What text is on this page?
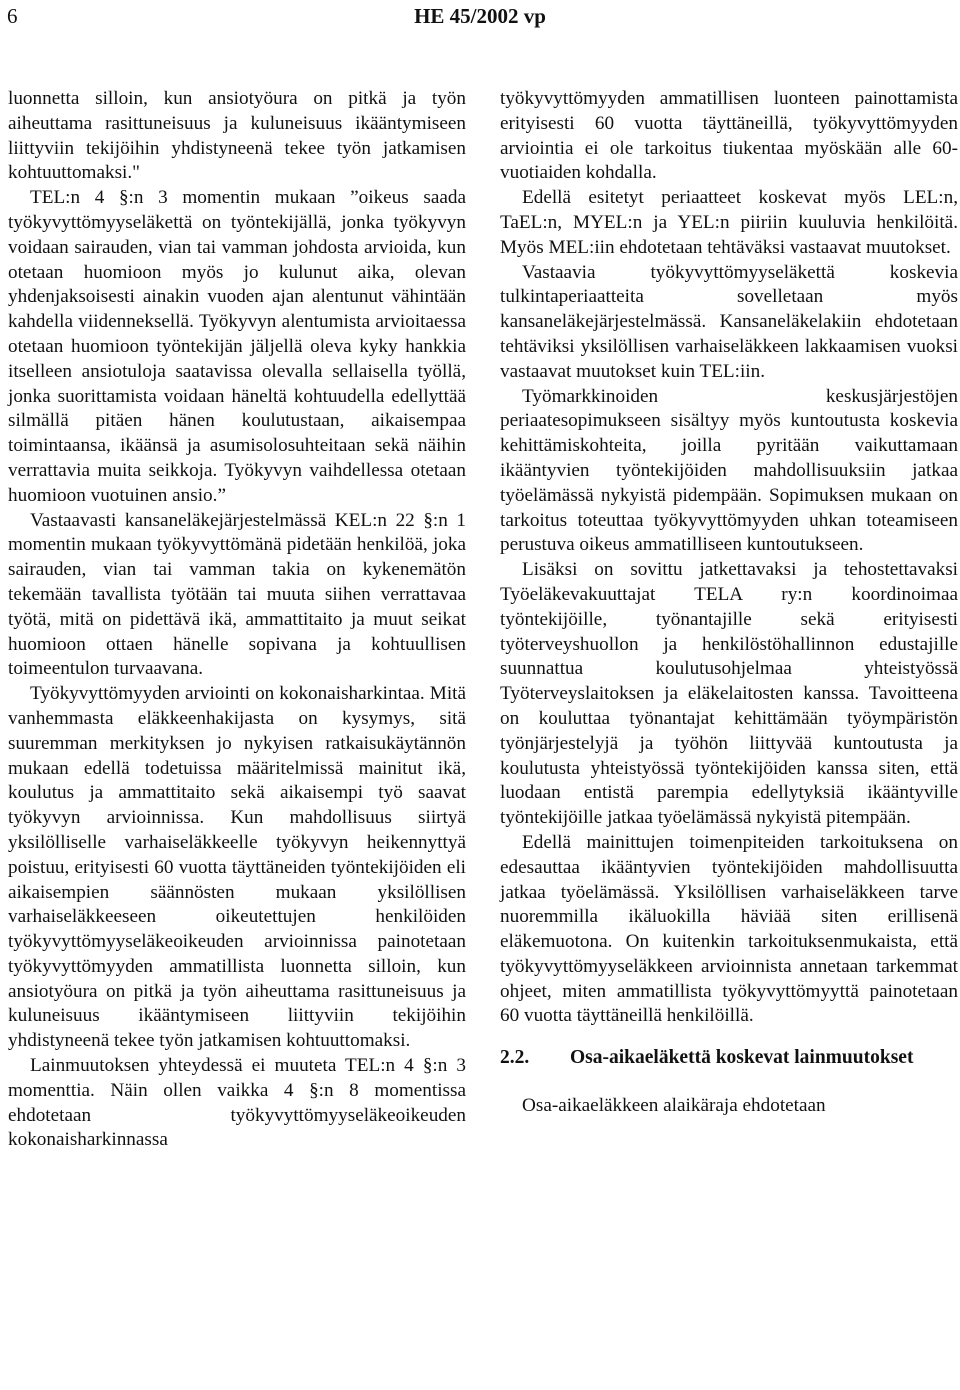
6	HE 45/2002 vp

luonnetta silloin, kun ansiotyöura on pitkä ja työn aiheuttama rasittuneisuus ja kuluneisuus ikääntymiseen liittyviin tekijöihin yhdistyneenä tekee työn jatkamisen kohtuuttomaksi."

TEL:n 4 §:n 3 momentin mukaan ”oikeus saada työkyvyttömyyseläkettä on työntekijällä, jonka työkyvyn voidaan sairauden, vian tai vamman johdosta arvioida, kun otetaan huomioon myös jo kulunut aika, olevan yhdenjaksoisesti ainakin vuoden ajan alentunut vähintään kahdella viidenneksellä. Työkyvyn alentumista arvioitaessa otetaan huomioon työntekijän jäljellä oleva kyky hankkia itselleen ansiotuloja saatavissa olevalla sellaisella työllä, jonka suorittamista voidaan häneltä kohtuudella edellyttää silmällä pitäen hänen koulutustaan, aikaisempaa toimintaansa, ikäänsä ja asumisolosuhteitaan sekä näihin verrattavia muita seikkoja. Työkyvyn vaihdellessa otetaan huomioon vuotuinen ansio.”

Vastaavasti kansaneläkejärjestelmässä KEL:n 22 §:n 1 momentin mukaan työkyvyttömänä pidetään henkilöä, joka sairauden, vian tai vamman takia on kykenemätön tekemään tavallista työtään tai muuta siihen verrattavaa työtä, mitä on pidettävä ikä, ammattitaito ja muut seikat huomioon ottaen hänelle sopivana ja kohtuullisen toimeentulon turvaavana.

Työkyvyttömyyden arviointi on kokonaisharkintaa. Mitä vanhemmasta eläkkeenhakijasta on kysymys, sitä suuremman merkityksen jo nykyisen ratkaisukäytännön mukaan edellä todetuissa määritelmissä mainitut ikä, koulutus ja ammattitaito sekä aikaisempi työ saavat työkyvyn arvioinnissa. Kun mahdollisuus siirtyä yksilölliselle varhaiseläkkeelle työkyvyn heikennyttyä poistuu, erityisesti 60 vuotta täyttäneiden työntekijöiden eli aikaisempien säännösten mukaan yksilöllisen varhaiseläkkeeseen oikeutettujen henkilöiden työkyvyttömyyseläkeoikeuden arvioinnissa painotetaan työkyvyttömyyden ammatillista luonnetta silloin, kun ansiotyöura on pitkä ja työn aiheuttama rasittuneisuus ja kuluneisuus ikääntymiseen liittyviin tekijöihin yhdistyneenä tekee työn jatkamisen kohtuuttomaksi.

Lainmuutoksen yhteydessä ei muuteta TEL:n 4 §:n 3 momenttia. Näin ollen vaikka 4 §:n 8 momentissa ehdotetaan työkyvyttömyyseläkeoikeuden kokonaisharkinnassa

työkyvyttömyyden ammatillisen luonteen painottamista erityisesti 60 vuotta täyttäneillä, työkyvyttömyyden arviointia ei ole tarkoitus tiukentaa myöskään alle 60-vuotiaiden kohdalla.

Edellä esitetyt periaatteet koskevat myös LEL:n, TaEL:n, MYEL:n ja YEL:n piiriin kuuluvia henkilöitä. Myös MEL:iin ehdotetaan tehtäväksi vastaavat muutokset.

Vastaavia työkyvyttömyyseläkettä koskevia tulkintaperiaatteita sovelletaan myös kansaneläkejärjestelmässä. Kansaneläkelakiin ehdotetaan tehtäviksi yksilöllisen varhaiseläkkeen lakkaamisen vuoksi vastaavat muutokset kuin TEL:iin.

Työmarkkinoiden keskusjärjestöjen periaatesopimukseen sisältyy myös kuntoutusta koskevia kehittämiskohteita, joilla pyritään vaikuttamaan ikääntyvien työntekijöiden mahdollisuuksiin jatkaa työelämässä nykyistä pidempään. Sopimuksen mukaan on tarkoitus toteuttaa työkyvyttömyyden uhkan toteamiseen perustuva oikeus ammatilliseen kuntoutukseen.

Lisäksi on sovittu jatkettavaksi ja tehostettavaksi Työeläkevakuuttajat TELA ry:n koordinoimaa työntekijöille, työnantajille sekä erityisesti työterveyshuollon ja henkilöstöhallinnon edustajille suunnattua koulutusohjelmaa yhteistyössä Työterveyslaitoksen ja eläkelaitosten kanssa. Tavoitteena on kouluttaa työnantajat kehittämään työympäristön työnjärjestelyjä ja työhön liittyvää kuntoutusta ja koulutusta yhteistyössä työntekijöiden kanssa siten, että luodaan entistä parempia edellytyksiä ikääntyville työntekijöille jatkaa työelämässä nykyistä pitempään.

Edellä mainittujen toimenpiteiden tarkoituksena on edesauttaa ikääntyvien työntekijöiden mahdollisuutta jatkaa työelämässä. Yksilöllisen varhaiseläkkeen tarve nuoremmilla ikäluokilla häviää siten erillisenä eläkemuotona. On kuitenkin tarkoituksenmukaista, että työkyvyttömyyseläkkeen arvioinnista annetaan tarkemmat ohjeet, miten ammatillista työkyvyttömyyttä painotetaan 60 vuotta täyttäneillä henkilöillä.

2.2.	Osa-aikaeläkettä koskevat lainmuutokset

Osa-aikaeläkkeen alaikäraja ehdotetaan
